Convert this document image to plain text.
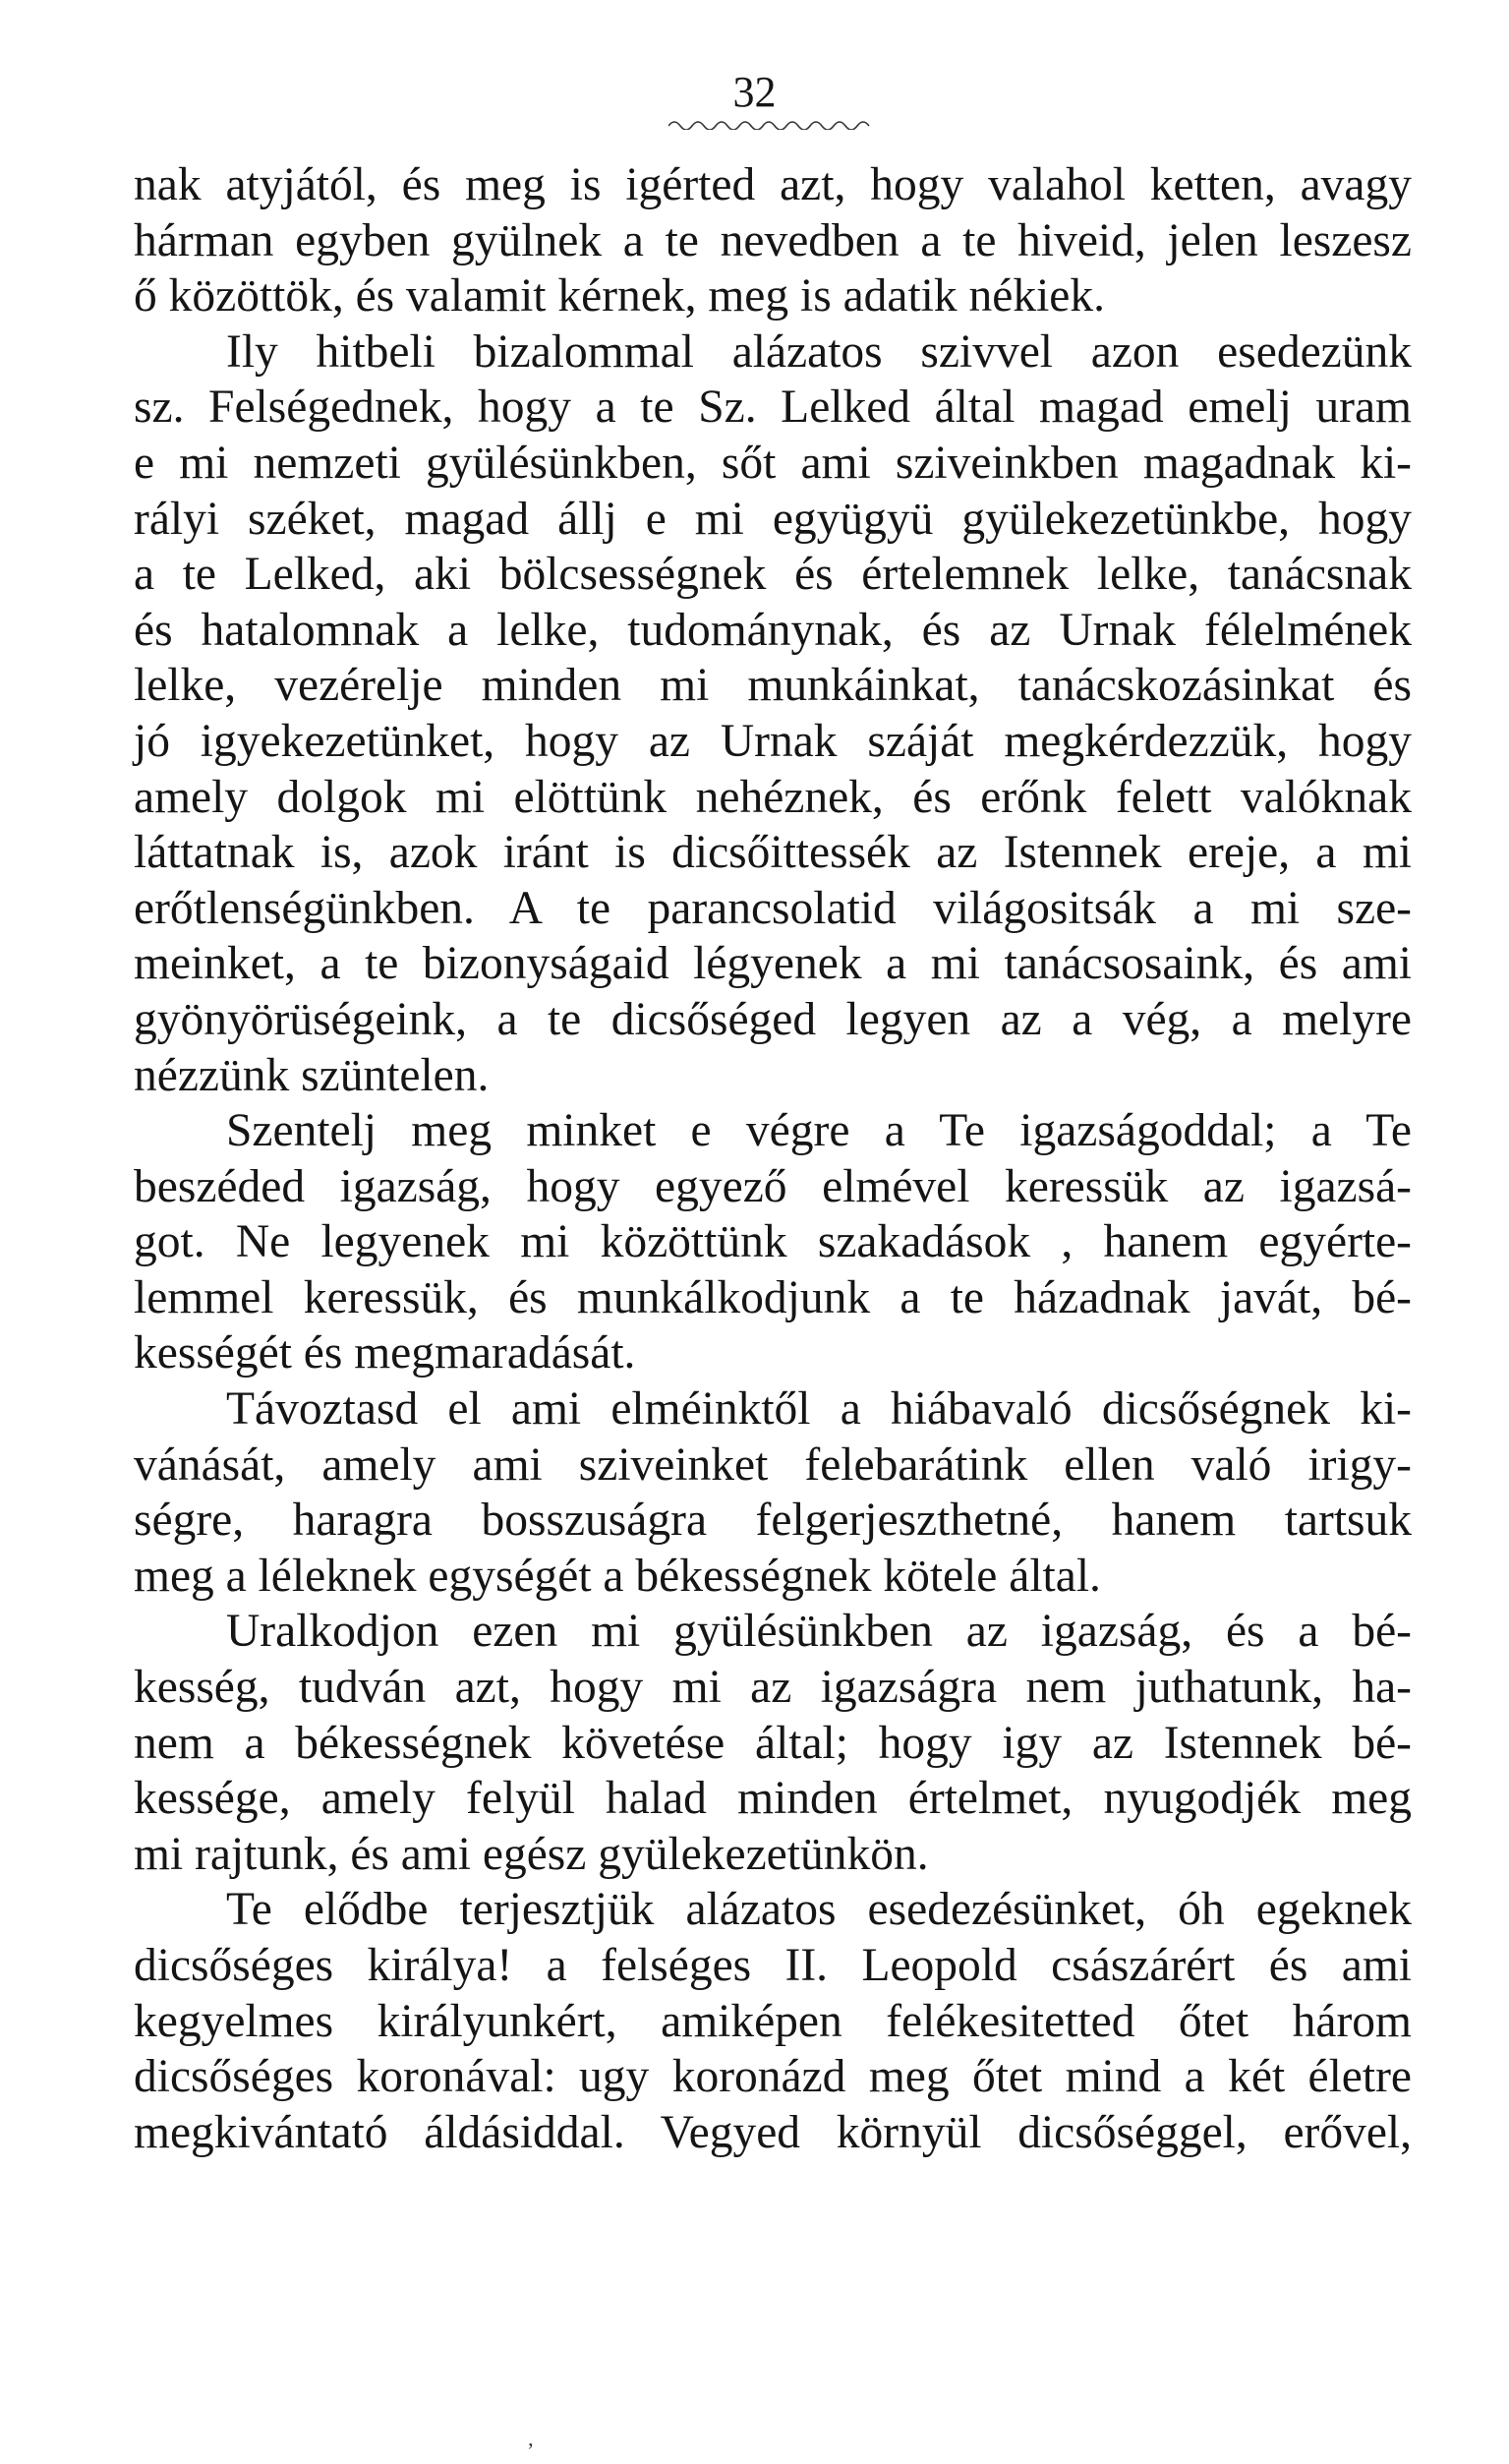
32
nak atyjától, és meg is igérted azt, hogy valahol ketten, avagy
hárman egyben gyülnek a te nevedben a te hiveid, jelen leszesz
ő közöttök, és valamit kérnek, meg is adatik nékiek.
Ily hitbeli bizalommal alázatos szivvel azon esedezünk
sz. Felségednek, hogy a te Sz. Lelked által magad emelj uram
e mi nemzeti gyülésünkben, sőt ami sziveinkben magadnak ki-
rályi széket, magad állj e mi együgyü gyülekezetünkbe, hogy
a te Lelked, aki bölcsességnek és értelemnek lelke, tanácsnak
és hatalomnak a lelke, tudománynak, és az Urnak félelmének
lelke, vezérelje minden mi munkáinkat, tanácskozásinkat és
jó igyekezetünket, hogy az Urnak száját megkérdezzük, hogy
amely dolgok mi elöttünk nehéznek, és erőnk felett valóknak
láttatnak is, azok iránt is dicsőittessék az Istennek ereje, a mi
erőtlenségünkben. A te parancsolatid világositsák a mi sze-
meinket, a te bizonyságaid légyenek a mi tanácsosaink, és ami
gyönyörüségeink, a te dicsőséged legyen az a vég, a melyre
nézzünk szüntelen.
Szentelj meg minket e végre a Te igazságoddal; a Te
beszéded igazság, hogy egyező elmével keressük az igazsá-
got. Ne legyenek mi közöttünk szakadások , hanem egyérte-
lemmel keressük, és munkálkodjunk a te házadnak javát, bé-
kességét és megmaradását.
Távoztasd el ami elméinktől a hiábavaló dicsőségnek ki-
vánását, amely ami sziveinket felebarátink ellen való irigy-
ségre, haragra bosszuságra felgerjeszthetné, hanem tartsuk
meg a léleknek egységét a békességnek kötele által.
Uralkodjon ezen mi gyülésünkben az igazság, és a bé-
kesség, tudván azt, hogy mi az igazságra nem juthatunk, ha-
nem a békességnek követése által; hogy igy az Istennek bé-
kessége, amely felyül halad minden értelmet, nyugodjék meg
mi rajtunk, és ami egész gyülekezetünkön.
Te elődbe terjesztjük alázatos esedezésünket, óh egeknek
dicsőséges királya! a felséges II. Leopold császárért és ami
kegyelmes királyunkért, amiképen felékesitetted őtet három
dicsőséges koronával: ugy koronázd meg őtet mind a két életre
megkivántató áldásiddal. Vegyed környül dicsőséggel, erővel,
ʼ
